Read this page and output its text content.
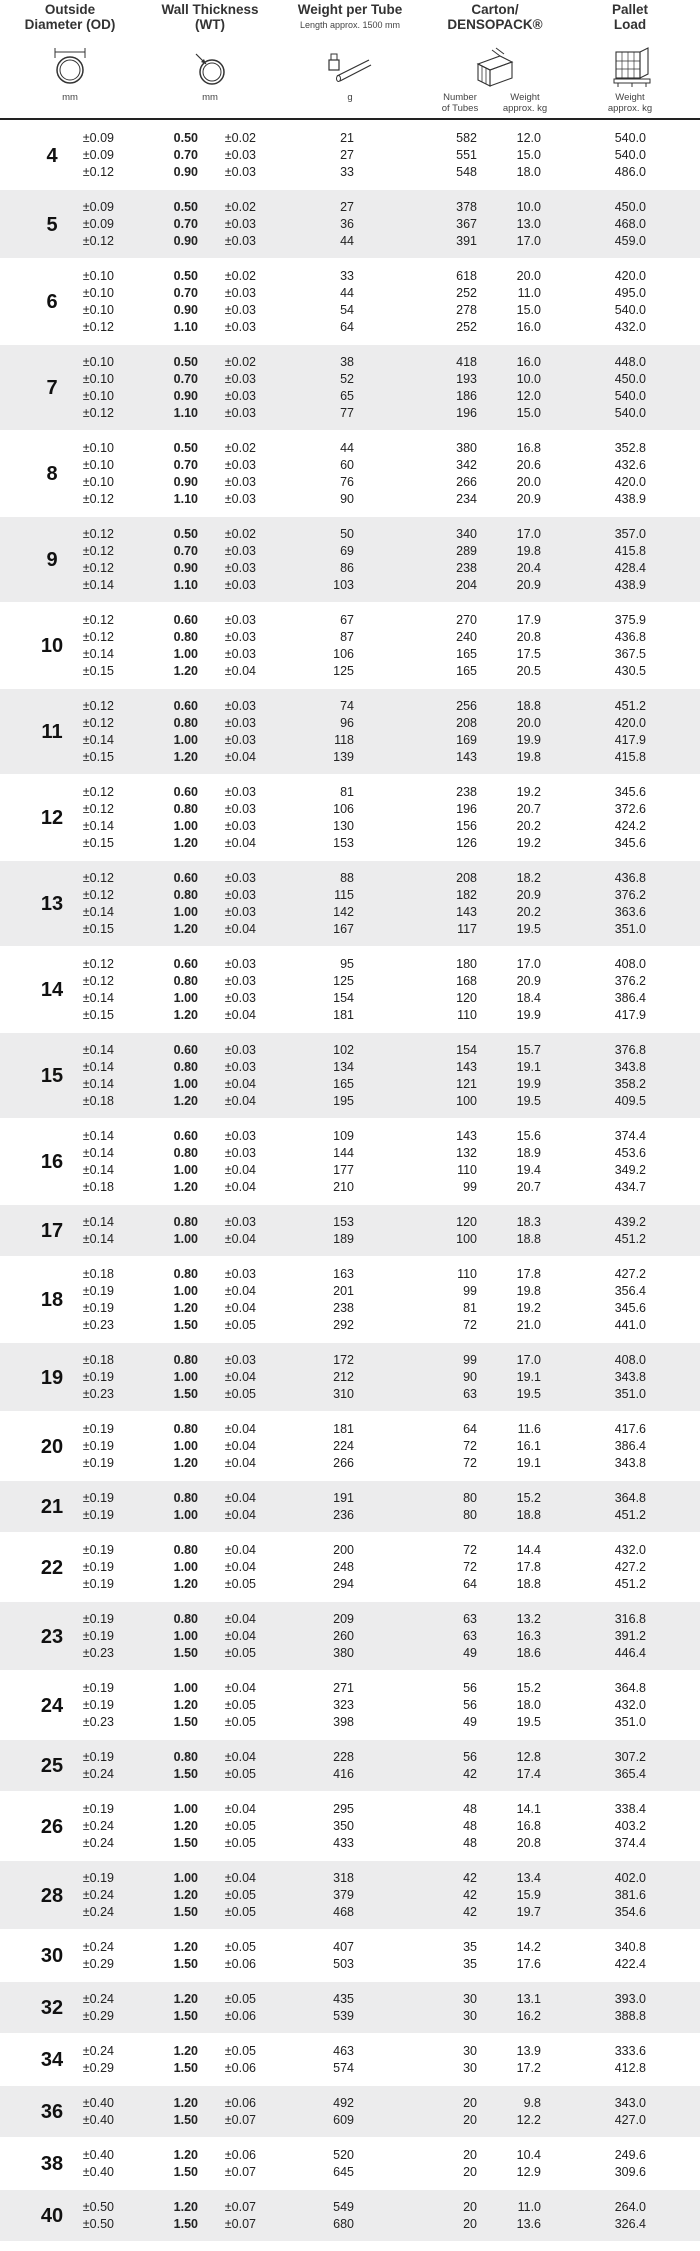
Outside
Diameter (OD)
Wall Thickness
(WT)
Weight per Tube
Length approx. 1500 mm
Carton/
DENSOPACK®
Pallet
Load
mm	mm	g	Number
of Tubes
Weight
approx. kg
Weight
approx. kg
4
±0.09	0.50	±0.02	21	582	12.0	540.0
±0.09	0.70	±0.03	27	551	15.0	540.0
±0.12	0.90	±0.03	33	548	18.0	486.0
5
±0.09	0.50	±0.02	27	378	10.0	450.0
±0.09	0.70	±0.03	36	367	13.0	468.0
±0.12	0.90	±0.03	44	391	17.0	459.0
6
±0.10	0.50	±0.02	33	618	20.0	420.0
±0.10	0.70	±0.03	44	252	11.0	495.0
±0.10	0.90	±0.03	54	278	15.0	540.0
±0.12	1.10	±0.03	64	252	16.0	432.0
7
±0.10	0.50	±0.02	38	418	16.0	448.0
±0.10	0.70	±0.03	52	193	10.0	450.0
±0.10	0.90	±0.03	65	186	12.0	540.0
±0.12	1.10	±0.03	77	196	15.0	540.0
8
±0.10	0.50	±0.02	44	380	16.8	352.8
±0.10	0.70	±0.03	60	342	20.6	432.6
±0.10	0.90	±0.03	76	266	20.0	420.0
±0.12	1.10	±0.03	90	234	20.9	438.9
9
±0.12	0.50	±0.02	50	340	17.0	357.0
±0.12	0.70	±0.03	69	289	19.8	415.8
±0.12	0.90	±0.03	86	238	20.4	428.4
±0.14	1.10	±0.03	103	204	20.9	438.9
10
±0.12	0.60	±0.03	67	270	17.9	375.9
±0.12	0.80	±0.03	87	240	20.8	436.8
±0.14	1.00	±0.03	106	165	17.5	367.5
±0.15	1.20	±0.04	125	165	20.5	430.5
11
±0.12	0.60	±0.03	74	256	18.8	451.2
±0.12	0.80	±0.03	96	208	20.0	420.0
±0.14	1.00	±0.03	118	169	19.9	417.9
±0.15	1.20	±0.04	139	143	19.8	415.8
12
±0.12	0.60	±0.03	81	238	19.2	345.6
±0.12	0.80	±0.03	106	196	20.7	372.6
±0.14	1.00	±0.03	130	156	20.2	424.2
±0.15	1.20	±0.04	153	126	19.2	345.6
13
±0.12	0.60	±0.03	88	208	18.2	436.8
±0.12	0.80	±0.03	115	182	20.9	376.2
±0.14	1.00	±0.03	142	143	20.2	363.6
±0.15	1.20	±0.04	167	117	19.5	351.0
14
±0.12	0.60	±0.03	95	180	17.0	408.0
±0.12	0.80	±0.03	125	168	20.9	376.2
±0.14	1.00	±0.03	154	120	18.4	386.4
±0.15	1.20	±0.04	181	110	19.9	417.9
15
±0.14	0.60	±0.03	102	154	15.7	376.8
±0.14	0.80	±0.03	134	143	19.1	343.8
±0.14	1.00	±0.04	165	121	19.9	358.2
±0.18	1.20	±0.04	195	100	19.5	409.5
16
±0.14	0.60	±0.03	109	143	15.6	374.4
±0.14	0.80	±0.03	144	132	18.9	453.6
±0.14	1.00	±0.04	177	110	19.4	349.2
±0.18	1.20	±0.04	210	99	20.7	434.7
17	±0.14	0.80	±0.03	153	120	18.3	439.2
±0.14	1.00	±0.04	189	100	18.8	451.2
18
±0.18	0.80	±0.03	163	110	17.8	427.2
±0.19	1.00	±0.04	201	99	19.8	356.4
±0.19	1.20	±0.04	238	81	19.2	345.6
±0.23	1.50	±0.05	292	72	21.0	441.0
19
±0.18	0.80	±0.03	172	99	17.0	408.0
±0.19	1.00	±0.04	212	90	19.1	343.8
±0.23	1.50	±0.05	310	63	19.5	351.0
20
±0.19	0.80	±0.04	181	64	11.6	417.6
±0.19	1.00	±0.04	224	72	16.1	386.4
±0.19	1.20	±0.04	266	72	19.1	343.8
21	±0.19	0.80	±0.04	191	80	15.2	364.8
±0.19	1.00	±0.04	236	80	18.8	451.2
22
±0.19	0.80	±0.04	200	72	14.4	432.0
±0.19	1.00	±0.04	248	72	17.8	427.2
±0.19	1.20	±0.05	294	64	18.8	451.2
23
±0.19	0.80	±0.04	209	63	13.2	316.8
±0.19	1.00	±0.04	260	63	16.3	391.2
±0.23	1.50	±0.05	380	49	18.6	446.4
24
±0.19	1.00	±0.04	271	56	15.2	364.8
±0.19	1.20	±0.05	323	56	18.0	432.0
±0.23	1.50	±0.05	398	49	19.5	351.0
25	±0.19	0.80	±0.04	228	56	12.8	307.2
±0.24	1.50	±0.05	416	42	17.4	365.4
26
±0.19	1.00	±0.04	295	48	14.1	338.4
±0.24	1.20	±0.05	350	48	16.8	403.2
±0.24	1.50	±0.05	433	48	20.8	374.4
28
±0.19	1.00	±0.04	318	42	13.4	402.0
±0.24	1.20	±0.05	379	42	15.9	381.6
±0.24	1.50	±0.05	468	42	19.7	354.6
30	±0.24	1.20	±0.05	407	35	14.2	340.8
±0.29	1.50	±0.06	503	35	17.6	422.4
32	±0.24	1.20	±0.05	435	30	13.1	393.0
±0.29	1.50	±0.06	539	30	16.2	388.8
34	±0.24	1.20	±0.05	463	30	13.9	333.6
±0.29	1.50	±0.06	574	30	17.2	412.8
36	±0.40	1.20	±0.06	492	20	9.8	343.0
±0.40	1.50	±0.07	609	20	12.2	427.0
38	±0.40	1.20	±0.06	520	20	10.4	249.6
±0.40	1.50	±0.07	645	20	12.9	309.6
40	±0.50	1.20	±0.07	549	20	11.0	264.0
±0.50	1.50	±0.07	680	20	13.6	326.4
